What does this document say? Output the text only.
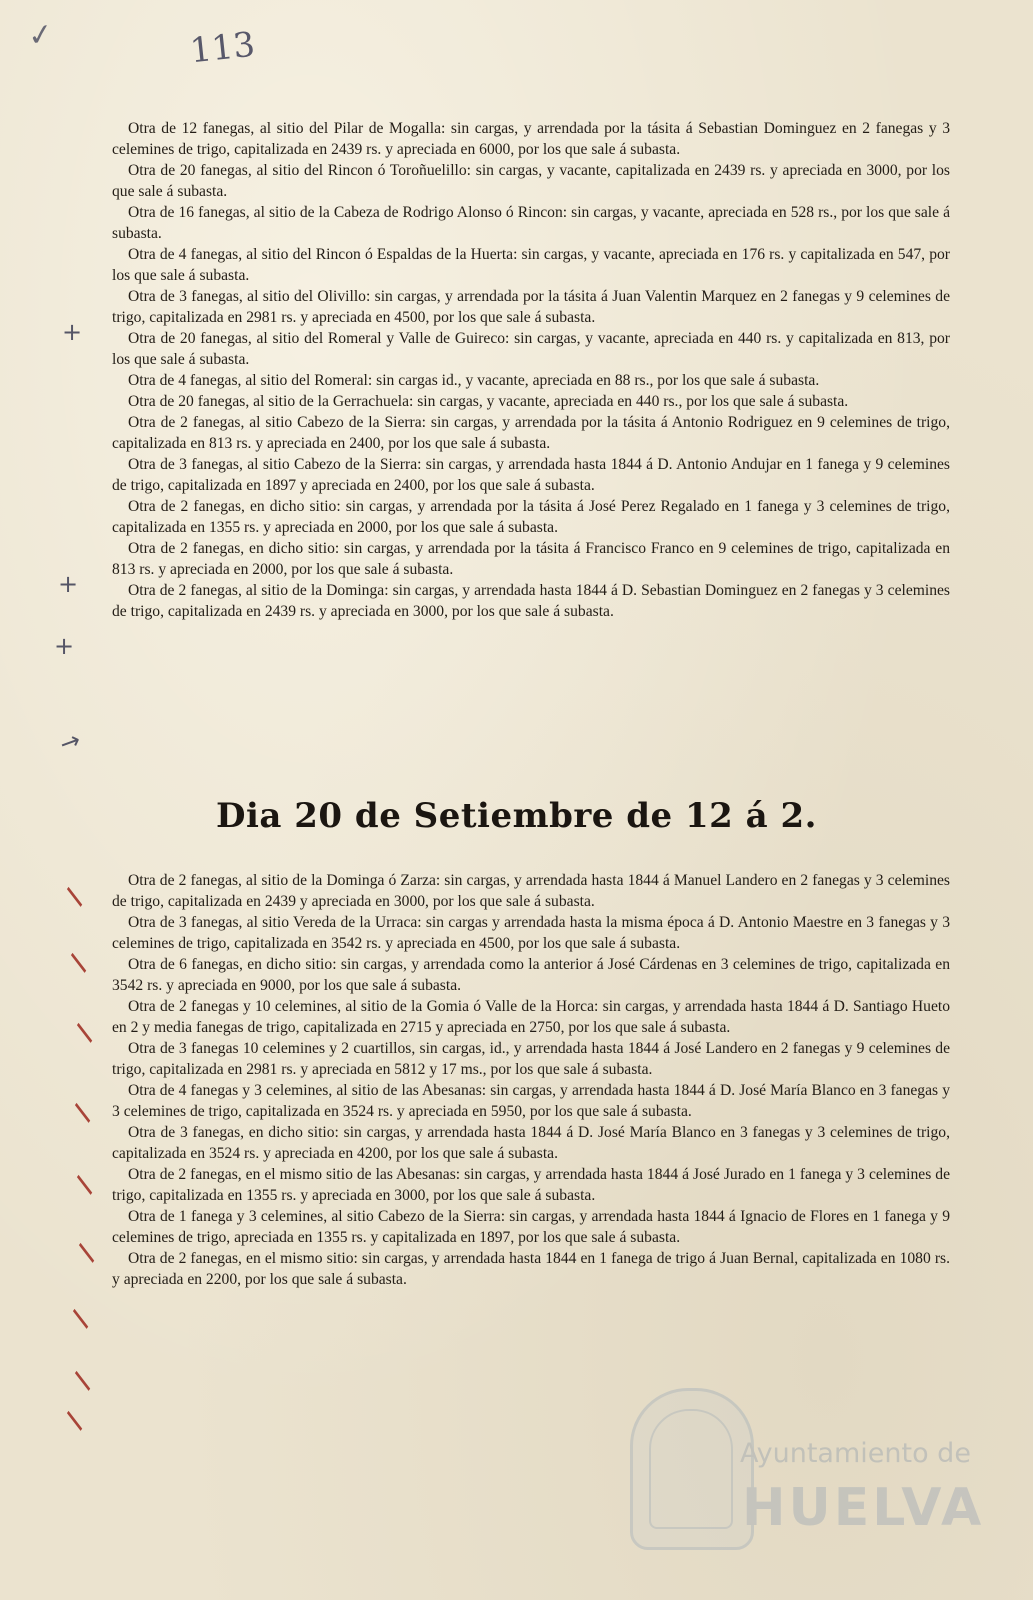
✓	113

Otra de 12 fanegas, al sitio del Pilar de Mogalla: sin cargas, y arrendada por la tásita á Sebastian Dominguez en 2 fanegas y 3 celemines de trigo, capitalizada en 2439 rs. y apreciada en 6000, por los que sale á subasta.

Otra de 20 fanegas, al sitio del Rincon ó Toroñuelillo: sin cargas, y vacante, capitalizada en 2439 rs. y apreciada en 3000, por los que sale á subasta.

Otra de 16 fanegas, al sitio de la Cabeza de Rodrigo Alonso ó Rincon: sin cargas, y vacante, apreciada en 528 rs., por los que sale á subasta.

Otra de 4 fanegas, al sitio del Rincon ó Espaldas de la Huerta: sin cargas, y vacante, apreciada en 176 rs. y capitalizada en 547, por los que sale á subasta.

Otra de 3 fanegas, al sitio del Olivillo: sin cargas, y arrendada por la tásita á Juan Valentin Marquez en 2 fanegas y 9 celemines de trigo, capitalizada en 2981 rs. y apreciada en 4500, por los que sale á subasta.

Otra de 20 fanegas, al sitio del Romeral y Valle de Guireco: sin cargas, y vacante, apreciada en 440 rs. y capitalizada en 813, por los que sale á subasta.

Otra de 4 fanegas, al sitio del Romeral: sin cargas id., y vacante, apreciada en 88 rs., por los que sale á subasta.

Otra de 20 fanegas, al sitio de la Gerrachuela: sin cargas, y vacante, apreciada en 440 rs., por los que sale á subasta.

Otra de 2 fanegas, al sitio Cabezo de la Sierra: sin cargas, y arrendada por la tásita á Antonio Rodriguez en 9 celemines de trigo, capitalizada en 813 rs. y apreciada en 2400, por los que sale á subasta.

Otra de 3 fanegas, al sitio Cabezo de la Sierra: sin cargas, y arrendada hasta 1844 á D. Antonio Andujar en 1 fanega y 9 celemines de trigo, capitalizada en 1897 y apreciada en 2400, por los que sale á subasta.

Otra de 2 fanegas, en dicho sitio: sin cargas, y arrendada por la tásita á José Perez Regalado en 1 fanega y 3 celemines de trigo, capitalizada en 1355 rs. y apreciada en 2000, por los que sale á subasta.

Otra de 2 fanegas, en dicho sitio: sin cargas, y arrendada por la tásita á Francisco Franco en 9 celemines de trigo, capitalizada en 813 rs. y apreciada en 2000, por los que sale á subasta.

Otra de 2 fanegas, al sitio de la Dominga: sin cargas, y arrendada hasta 1844 á D. Sebastian Dominguez en 2 fanegas y 3 celemines de trigo, capitalizada en 2439 rs. y apreciada en 3000, por los que sale á subasta.

Dia 20 de Setiembre de 12 á 2.

Otra de 2 fanegas, al sitio de la Dominga ó Zarza: sin cargas, y arrendada hasta 1844 á Manuel Landero en 2 fanegas y 3 celemines de trigo, capitalizada en 2439 y apreciada en 3000, por los que sale á subasta.

Otra de 3 fanegas, al sitio Vereda de la Urraca: sin cargas y arrendada hasta la misma época á D. Antonio Maestre en 3 fanegas y 3 celemines de trigo, capitalizada en 3542 rs. y apreciada en 4500, por los que sale á subasta.

Otra de 6 fanegas, en dicho sitio: sin cargas, y arrendada como la anterior á José Cárdenas en 3 celemines de trigo, capitalizada en 3542 rs. y apreciada en 9000, por los que sale á subasta.

Otra de 2 fanegas y 10 celemines, al sitio de la Gomia ó Valle de la Horca: sin cargas, y arrendada hasta 1844 á D. Santiago Hueto en 2 y media fanegas de trigo, capitalizada en 2715 y apreciada en 2750, por los que sale á subasta.

Otra de 3 fanegas 10 celemines y 2 cuartillos, sin cargas, id., y arrendada hasta 1844 á José Landero en 2 fanegas y 9 celemines de trigo, capitalizada en 2981 rs. y apreciada en 5812 y 17 ms., por los que sale á subasta.

Otra de 4 fanegas y 3 celemines, al sitio de las Abesanas: sin cargas, y arrendada hasta 1844 á D. José María Blanco en 3 fanegas y 3 celemines de trigo, capitalizada en 3524 rs. y apreciada en 5950, por los que sale á subasta.

Otra de 3 fanegas, en dicho sitio: sin cargas, y arrendada hasta 1844 á D. José María Blanco en 3 fanegas y 3 celemines de trigo, capitalizada en 3524 rs. y apreciada en 4200, por los que sale á subasta.

Otra de 2 fanegas, en el mismo sitio de las Abesanas: sin cargas, y arrendada hasta 1844 á José Jurado en 1 fanega y 3 celemines de trigo, capitalizada en 1355 rs. y apreciada en 3000, por los que sale á subasta.

Otra de 1 fanega y 3 celemines, al sitio Cabezo de la Sierra: sin cargas, y arrendada hasta 1844 á Ignacio de Flores en 1 fanega y 9 celemines de trigo, apreciada en 1355 rs. y capitalizada en 1897, por los que sale á subasta.

Otra de 2 fanegas, en el mismo sitio: sin cargas, y arrendada hasta 1844 en 1 fanega de trigo á Juan Bernal, capitalizada en 1080 rs. y apreciada en 2200, por los que sale á subasta.

+
+
+
→
/
/
/
/
/
/
/
/
/
Ayuntamiento de
HUELVA
